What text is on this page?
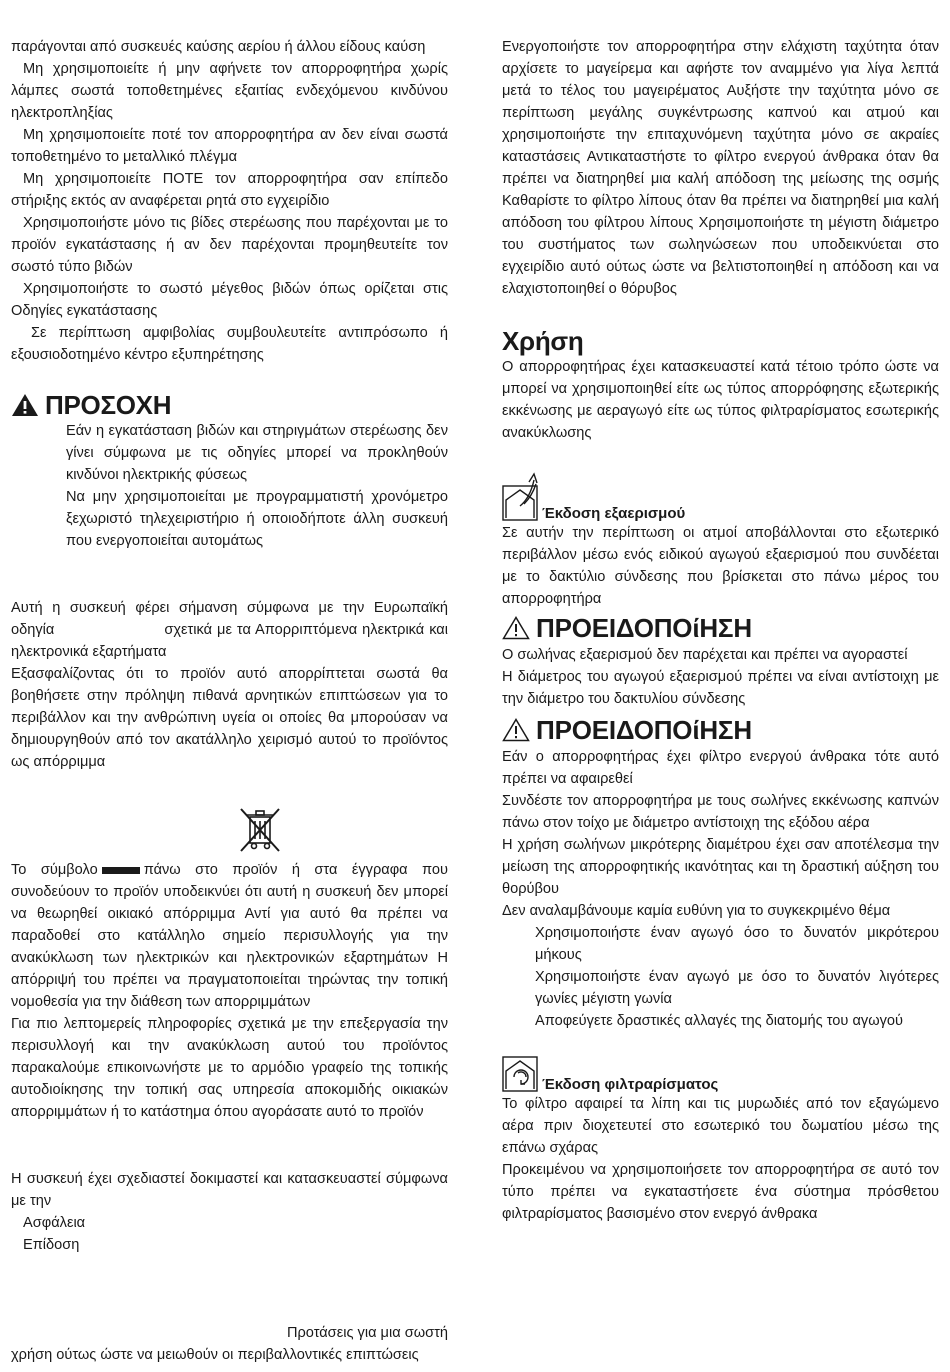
παράγονται από συσκευές καύσης αερίου ή άλλου είδους καύση

Μη χρησιμοποιείτε ή μην αφήνετε τον απορροφητήρα χωρίς λάμπες σωστά τοποθετημένες εξαιτίας ενδεχόμενου κινδύνου ηλεκτροπληξίας

Μη χρησιμοποιείτε ποτέ τον απορροφητήρα αν δεν είναι σωστά τοποθετημένο το μεταλλικό πλέγμα

Μη χρησιμοποιείτε ΠΟΤΕ τον απορροφητήρα σαν επίπεδο στήριξης εκτός αν αναφέρεται ρητά στο εγχειρίδιο

Χρησιμοποιήστε μόνο τις βίδες στερέωσης που παρέχονται με το προϊόν εγκατάστασης ή αν δεν παρέχονται προμηθευτείτε τον σωστό τύπο βιδών

Χρησιμοποιήστε το σωστό μέγεθος βιδών όπως ορίζεται στις Οδηγίες εγκατάστασης

Σε περίπτωση αμφιβολίας συμβουλευτείτε αντιπρόσωπο ή εξουσιοδοτημένο κέντρο εξυπηρέτησης

ΠΡΟΣΟΧΗ

Εάν η εγκατάσταση βιδών και στηριγμάτων στερέωσης δεν γίνει σύμφωνα με τις οδηγίες μπορεί να προκληθούν κινδύνοι ηλεκτρικής φύσεως

Να μην χρησιμοποιείται με προγραμματιστή χρονόμετρο ξεχωριστό τηλεχειριστήριο ή οποιοδήποτε άλλη συσκευή που ενεργοποιείται αυτομάτως

Αυτή η συσκευή φέρει σήμανση σύμφωνα με την Ευρωπαϊκή οδηγία	σχετικά με τα Απορριπτόμενα ηλεκτρικά και ηλεκτρονικά εξαρτήματα

Εξασφαλίζοντας ότι το προϊόν αυτό απορρίπτεται σωστά θα βοηθήσετε στην πρόληψη πιθανά αρνητικών επιπτώσεων για το περιβάλλον και την ανθρώπινη υγεία οι οποίες θα μπορούσαν να δημιουργηθούν από τον ακατάλληλο χειρισμό αυτού το προϊόντος ως απόρριμμα

Το σύμβολο	πάνω στο προϊόν ή στα έγγραφα που συνοδεύουν το προϊόν υποδεικνύει ότι αυτή η συσκευή δεν μπορεί να θεωρηθεί οικιακό απόρριμμα Αντί για αυτό θα πρέπει να παραδοθεί στο κατάλληλο σημείο περισυλλογής για την ανακύκλωση των ηλεκτρικών και ηλεκτρονικών εξαρτημάτων Η απόρριψή του πρέπει να πραγματοποιείται τηρώντας την τοπική νομοθεσία για την διάθεση των απορριμμάτων

Για πιο λεπτομερείς πληροφορίες σχετικά με την επεξεργασία την περισυλλογή και την ανακύκλωση αυτού του προϊόντος παρακαλούμε επικοινωνήστε με το αρμόδιο γραφείο της τοπικής αυτοδιοίκησης την τοπική σας υπηρεσία αποκομιδής οικιακών απορριμμάτων ή το κατάστημα όπου αγοράσατε αυτό το προϊόν

Η συσκευή έχει σχεδιαστεί δοκιμαστεί και κατασκευαστεί σύμφωνα με την

Ασφάλεια

Επίδοση

Προτάσεις για μια σωστή

χρήση ούτως ώστε να μειωθούν οι περιβαλλοντικές επιπτώσεις

Ενεργοποιήστε τον απορροφητήρα στην ελάχιστη ταχύτητα όταν αρχίσετε το μαγείρεμα και αφήστε τον αναμμένο για λίγα λεπτά μετά το τέλος του μαγειρέματος Αυξήστε την ταχύτητα μόνο σε περίπτωση μεγάλης συγκέντρωσης καπνού και ατμού και χρησιμοποιήστε την επιταχυνόμενη ταχύτητα μόνο σε ακραίες καταστάσεις Αντικαταστήστε το φίλτρο ενεργού άνθρακα όταν θα πρέπει να διατηρηθεί μια καλή απόδοση της μείωσης της οσμής Καθαρίστε το φίλτρο λίπους όταν θα πρέπει να διατηρηθεί μια καλή απόδοση του φίλτρου λίπους Χρησιμοποιήστε τη μέγιστη διάμετρο του συστήματος των σωληνώσεων που υποδεικνύεται στο εγχειρίδιο αυτό ούτως ώστε να βελτιστοποιηθεί η απόδοση και να ελαχιστοποιηθεί ο θόρυβος

Χρήση

Ο απορροφητήρας έχει κατασκευαστεί κατά τέτοιο τρόπο ώστε να μπορεί να χρησιμοποιηθεί είτε ως τύπος απορρόφησης εξωτερικής εκκένωσης με αεραγωγό είτε ως τύπος φιλτραρίσματος εσωτερικής ανακύκλωσης

Έκδοση εξαερισμού

Σε αυτήν την περίπτωση οι ατμοί αποβάλλονται στο εξωτερικό περιβάλλον μέσω ενός ειδικού αγωγού εξαερισμού που συνδέεται με το δακτύλιο σύνδεσης που βρίσκεται στο πάνω μέρος του απορροφητήρα

ΠΡΟΕΙΔΟΠΟίΗΣΗ

Ο σωλήνας εξαερισμού δεν παρέχεται και πρέπει να αγοραστεί

Η διάμετρος του αγωγού εξαερισμού πρέπει να είναι αντίστοιχη με την διάμετρο του δακτυλίου σύνδεσης

ΠΡΟΕΙΔΟΠΟίΗΣΗ

Εάν ο απορροφητήρας έχει φίλτρο ενεργού άνθρακα τότε αυτό πρέπει να αφαιρεθεί

Συνδέστε τον απορροφητήρα με τους σωλήνες εκκένωσης καπνών πάνω στον τοίχο με διάμετρο αντίστοιχη της εξόδου αέρα

Η χρήση σωλήνων μικρότερης διαμέτρου έχει σαν αποτέλεσμα την μείωση της απορροφητικής ικανότητας και τη δραστική αύξηση του θορύβου

Δεν αναλαμβάνουμε καμία ευθύνη για το συγκεκριμένο θέμα

Χρησιμοποιήστε έναν αγωγό όσο το δυνατόν μικρότερου μήκους

Χρησιμοποιήστε έναν αγωγό με όσο το δυνατόν λιγότερες γωνίες μέγιστη γωνία

Αποφεύγετε δραστικές αλλαγές της διατομής του αγωγού

Έκδοση φιλτραρίσματος

Το φίλτρο αφαιρεί τα λίπη και τις μυρωδιές από τον εξαγώμενο αέρα πριν διοχετευτεί στο εσωτερικό του δωματίου μέσω της επάνω σχάρας

Προκειμένου να χρησιμοποιήσετε τον απορροφητήρα σε αυτό τον τύπο πρέπει να εγκαταστήσετε ένα σύστημα πρόσθετου φιλτραρίσματος βασισμένο στον ενεργό άνθρακα
